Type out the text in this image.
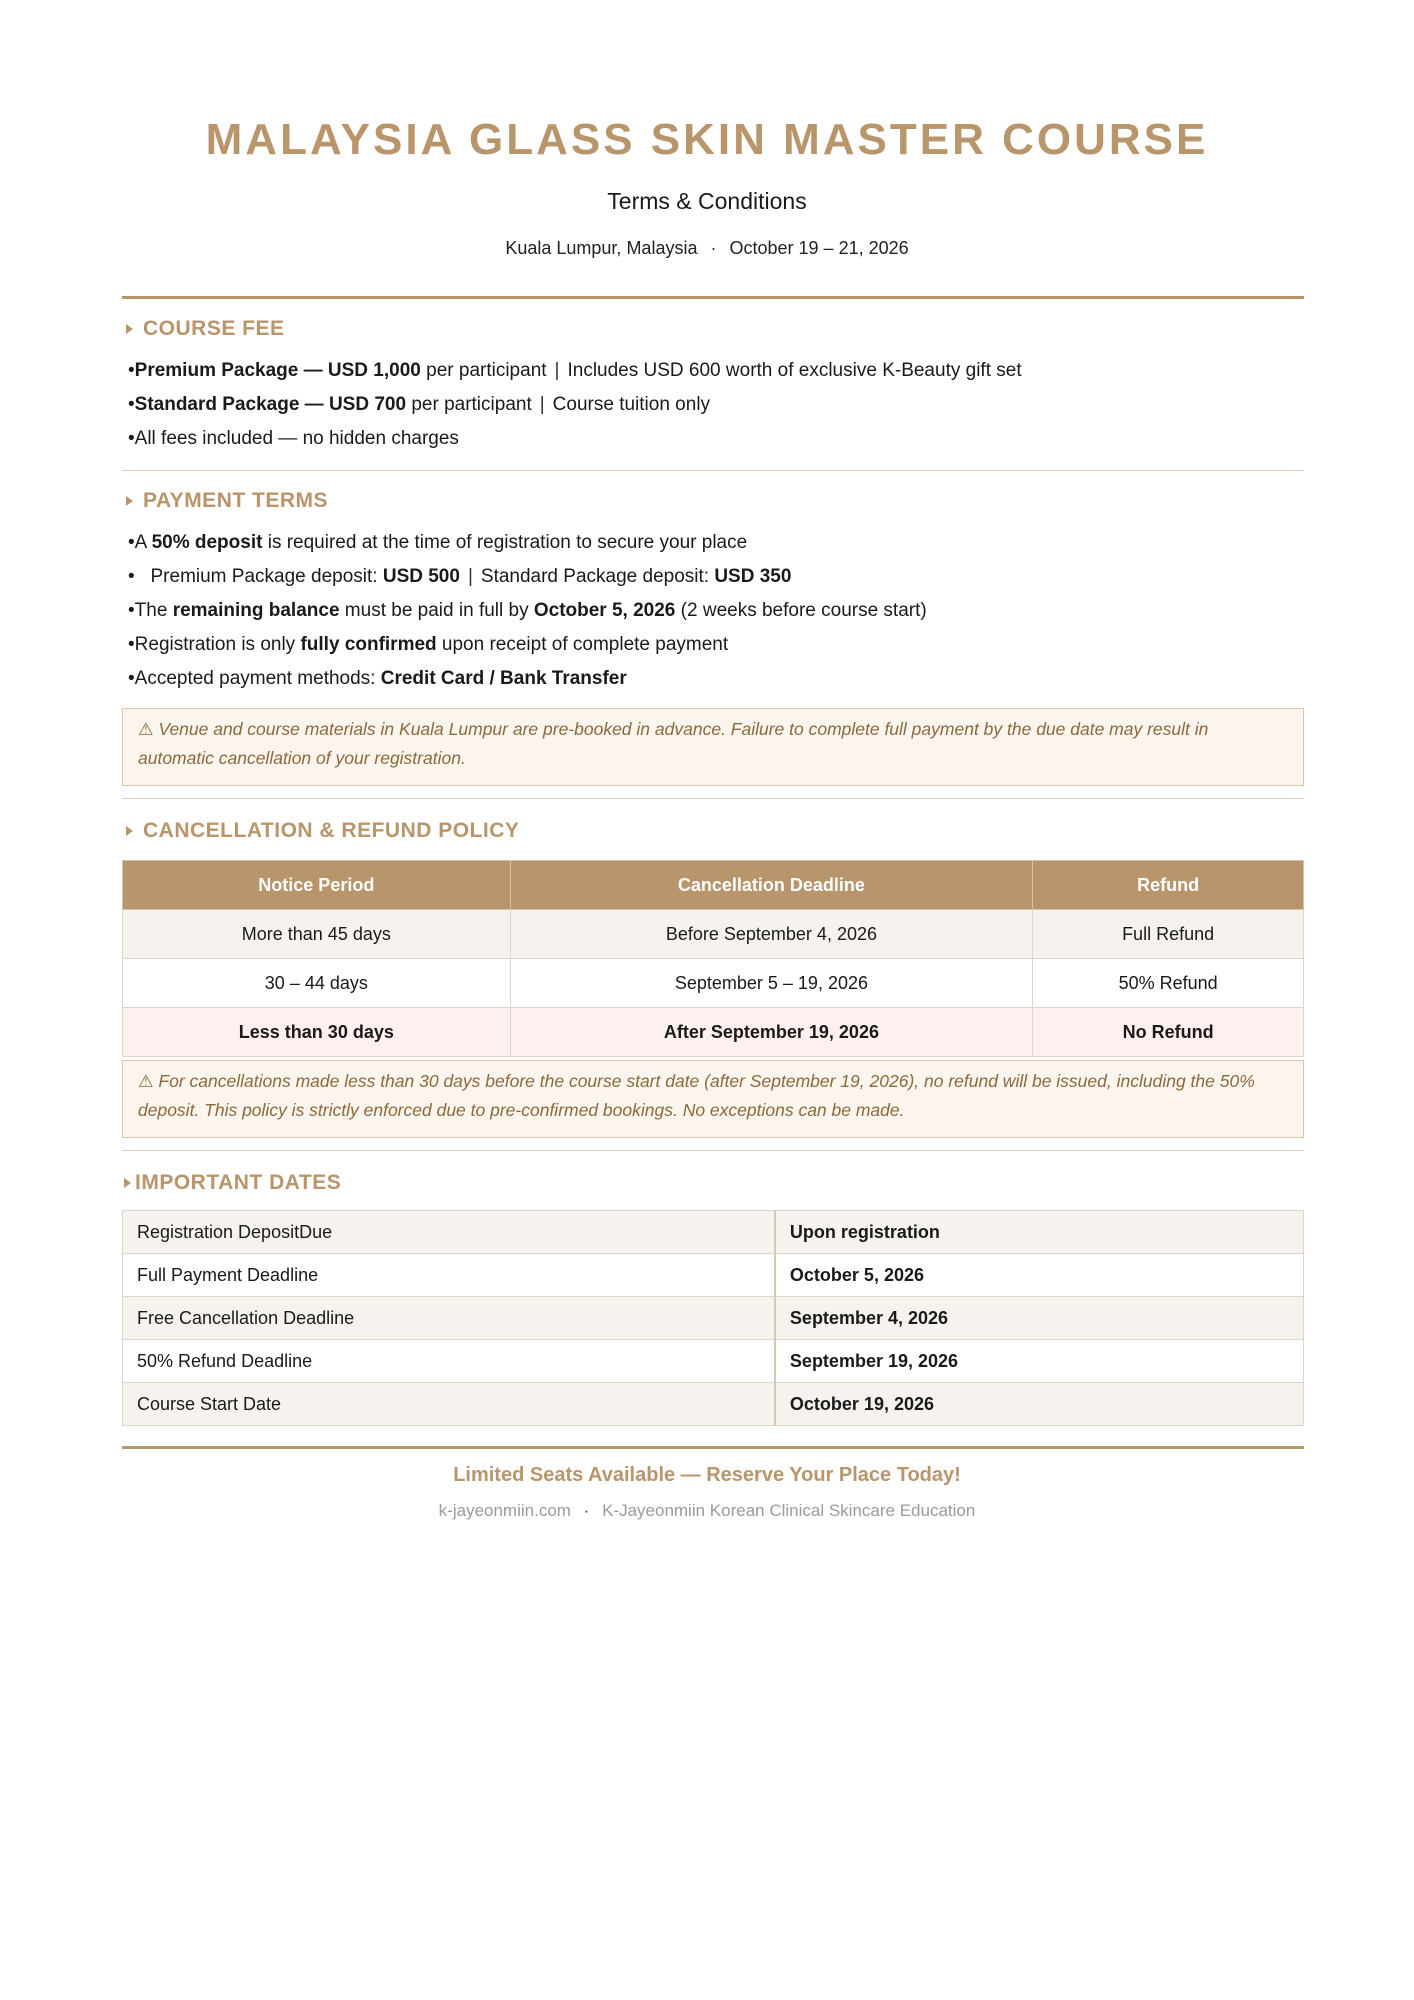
MALAYSIA GLASS SKIN MASTER COURSE
Terms & Conditions
Kuala Lumpur, Malaysia · October 19 – 21, 2026
COURSE FEE
•Premium Package — USD 1,000 per participant | Includes USD 600 worth of exclusive K-Beauty gift set
•Standard Package — USD 700 per participant | Course tuition only
•All fees included — no hidden charges
PAYMENT TERMS
•A 50% deposit is required at the time of registration to secure your place
•   Premium Package deposit: USD 500 | Standard Package deposit: USD 350
•The remaining balance must be paid in full by October 5, 2026 (2 weeks before course start)
•Registration is only fully confirmed upon receipt of complete payment
•Accepted payment methods: Credit Card / Bank Transfer
⚠ Venue and course materials in Kuala Lumpur are pre-booked in advance. Failure to complete full payment by the due date may result in automatic cancellation of your registration.
CANCELLATION & REFUND POLICY
Notice Period	Cancellation Deadline	Refund
More than 45 days	Before September 4, 2026	Full Refund
30 – 44 days	September 5 – 19, 2026	50% Refund
Less than 30 days	After September 19, 2026	No Refund
⚠ For cancellations made less than 30 days before the course start date (after September 19, 2026), no refund will be issued, including the 50% deposit. This policy is strictly enforced due to pre-confirmed bookings. No exceptions can be made.
IMPORTANT DATES
Registration DepositDue	Upon registration
Full Payment Deadline	October 5, 2026
Free Cancellation Deadline	September 4, 2026
50% Refund Deadline	September 19, 2026
Course Start Date	October 19, 2026
Limited Seats Available — Reserve Your Place Today!
k-jayeonmiin.com · K-Jayeonmiin Korean Clinical Skincare Education
